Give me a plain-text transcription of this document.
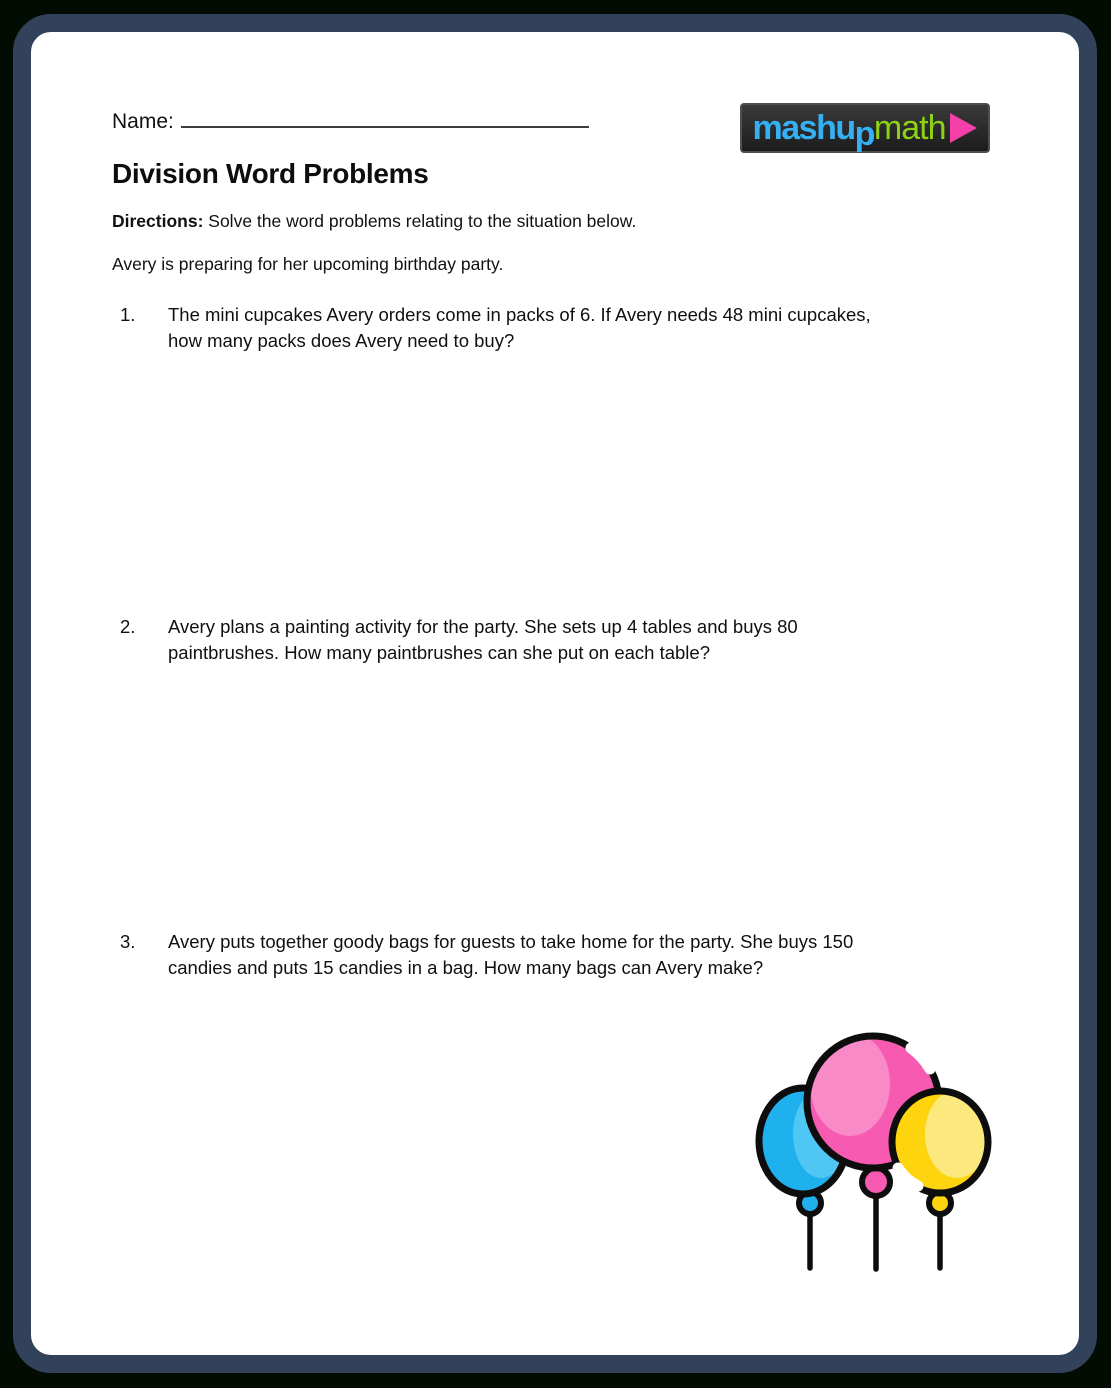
Name:	mashu p math
Division Word Problems

Directions: Solve the word problems relating to the situation below.

Avery is preparing for her upcoming birthday party.

1.	The mini cupcakes Avery orders come in packs of 6. If Avery needs 48 mini cupcakes,
how many packs does Avery need to buy?
2.	Avery plans a painting activity for the party. She sets up 4 tables and buys 80
paintbrushes. How many paintbrushes can she put on each table?
3.	Avery puts together goody bags for guests to take home for the party. She buys 150
candies and puts 15 candies in a bag. How many bags can Avery make?
